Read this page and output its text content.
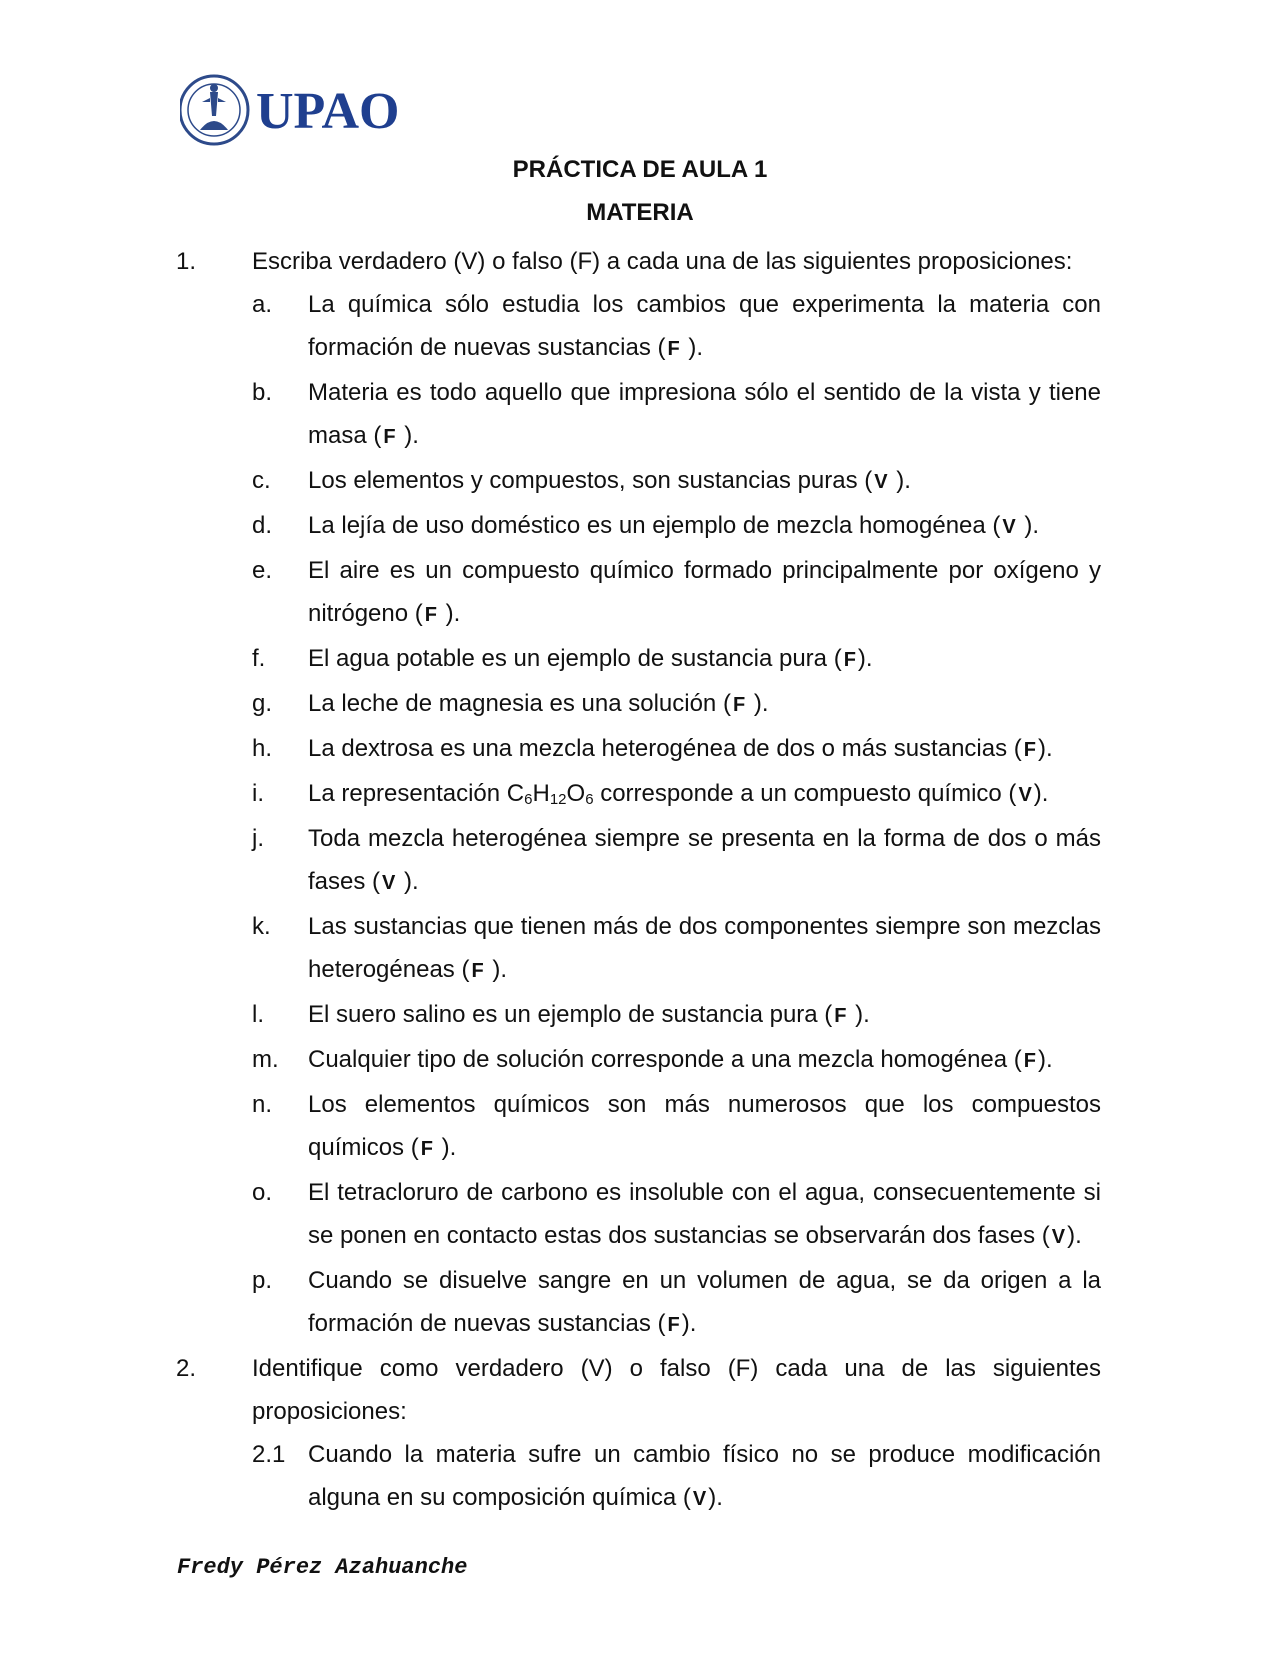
UPAO
PRÁCTICA DE AULA 1
MATERIA
1. Escriba verdadero (V) o falso (F) a cada una de las siguientes proposiciones:
a. La química sólo estudia los cambios que experimenta la materia con formación de nuevas sustancias ( F ).
b. Materia es todo aquello que impresiona sólo el sentido de la vista y tiene masa ( F ).
c. Los elementos y compuestos, son sustancias puras ( V ).
d. La lejía de uso doméstico es un ejemplo de mezcla homogénea ( V ).
e. El aire es un compuesto químico formado principalmente por oxígeno y nitrógeno ( F ).
f. El agua potable es un ejemplo de sustancia pura ( F).
g. La leche de magnesia es una solución ( F ).
h. La dextrosa es una mezcla heterogénea de dos o más sustancias ( F).
i. La representación $C_6H_{12}O_6$ corresponde a un compuesto químico ( V).
j. Toda mezcla heterogénea siempre se presenta en la forma de dos o más fases ( V ).
k. Las sustancias que tienen más de dos componentes siempre son mezclas heterogéneas ( F ).
l. El suero salino es un ejemplo de sustancia pura ( F ).
m. Cualquier tipo de solución corresponde a una mezcla homogénea ( F).
n. Los elementos químicos son más numerosos que los compuestos químicos ( F ).
o. El tetracloruro de carbono es insoluble con el agua, consecuentemente si se ponen en contacto estas dos sustancias se observarán dos fases ( V).
p. Cuando se disuelve sangre en un volumen de agua, se da origen a la formación de nuevas sustancias ( F).
2. Identifique como verdadero (V) o falso (F) cada una de las siguientes proposiciones:
2.1 Cuando la materia sufre un cambio físico no se produce modificación alguna en su composición química ( V).
Fredy Pérez Azahuanche
